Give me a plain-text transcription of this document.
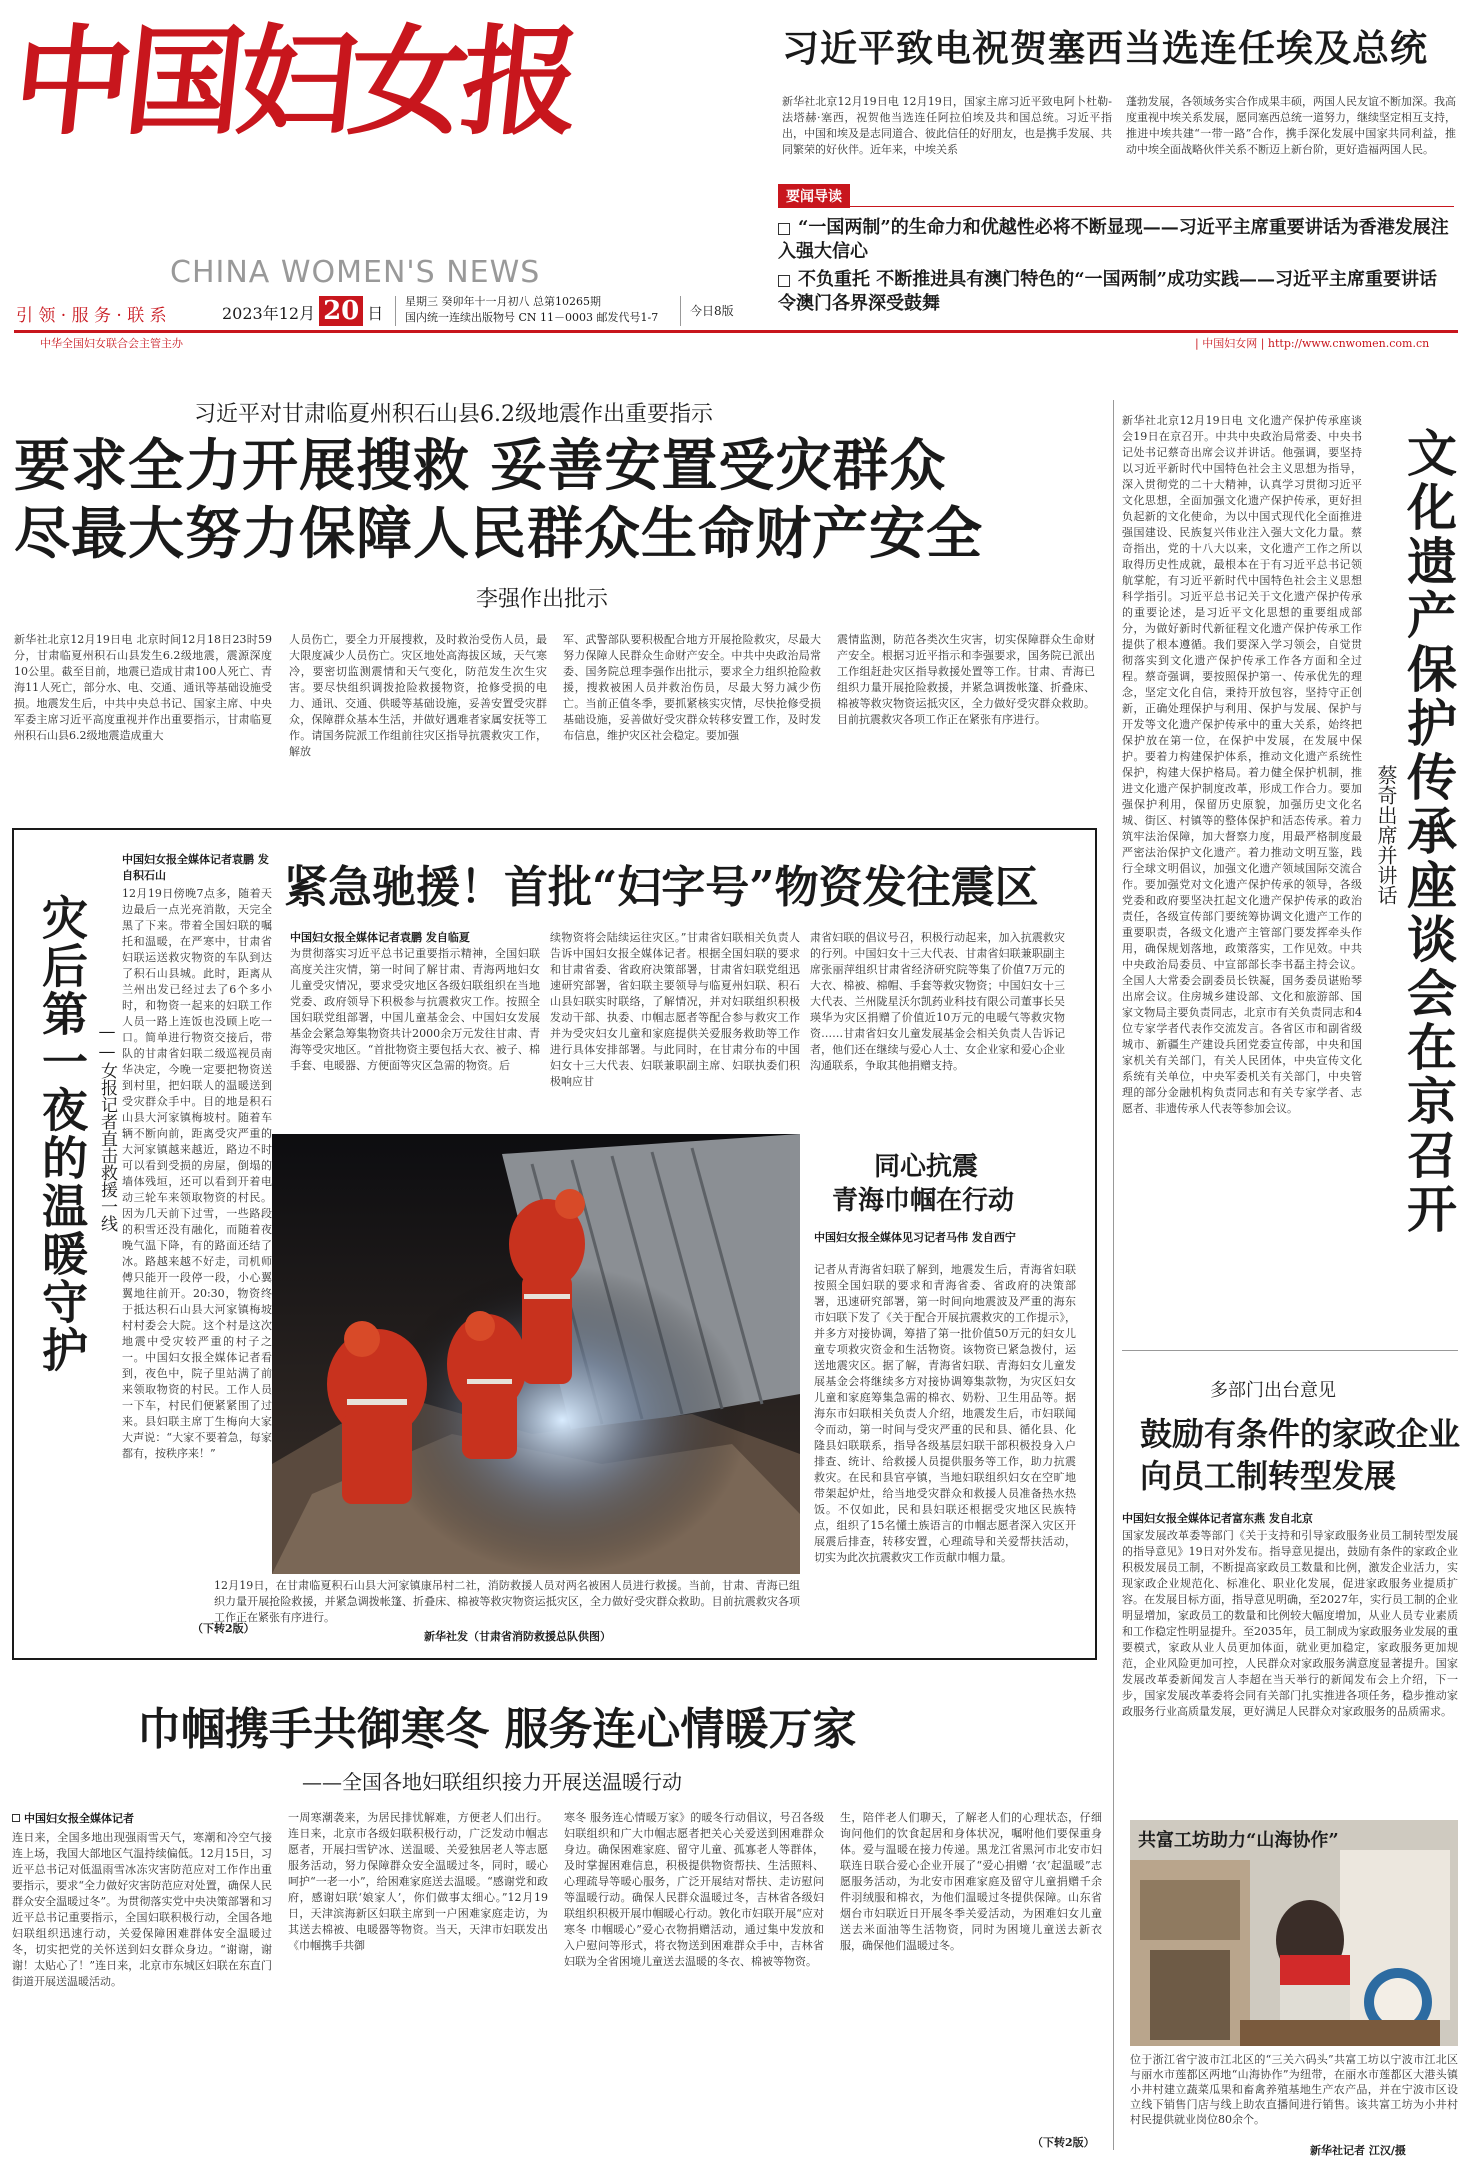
中国妇女报
CHINA WOMEN'S NEWS
引 领 · 服 务 · 联 系	2023年12月 20 日
星期三 癸卯年十一月初八 总第10265期
国内统一连续出版物号 CN 11－0003 邮发代号1-7	今日8版
中华全国妇女联合会主管主办	| 中国妇女网 | http://www.cnwomen.com.cn
习近平致电祝贺塞西当选连任埃及总统
新华社北京12月19日电 12月19日，国家主席习近平致电阿卜杜勒-法塔赫·塞西，祝贺他当选连任阿拉伯埃及共和国总统。习近平指出，中国和埃及是志同道合、彼此信任的好朋友，也是携手发展、共同繁荣的好伙伴。近年来，中埃关系
蓬勃发展，各领域务实合作成果丰硕，两国人民友谊不断加深。我高度重视中埃关系发展，愿同塞西总统一道努力，继续坚定相互支持，推进中埃共建“一带一路”合作，携手深化发展中国家共同利益，推动中埃全面战略伙伴关系不断迈上新台阶，更好造福两国人民。
要闻导读
“一国两制”的生命力和优越性必将不断显现——习近平主席重要讲话为香港发展注入强大信心
不负重托 不断推进具有澳门特色的“一国两制”成功实践——习近平主席重要讲话令澳门各界深受鼓舞
习近平对甘肃临夏州积石山县6.2级地震作出重要指示
要求全力开展搜救 妥善安置受灾群众
尽最大努力保障人民群众生命财产安全
李强作出批示
新华社北京12月19日电 北京时间12月18日23时59分，甘肃临夏州积石山县发生6.2级地震，震源深度10公里。截至目前，地震已造成甘肃100人死亡、青海11人死亡，部分水、电、交通、通讯等基础设施受损。地震发生后，中共中央总书记、国家主席、中央军委主席习近平高度重视并作出重要指示，甘肃临夏州积石山县6.2级地震造成重大
人员伤亡，要全力开展搜救，及时救治受伤人员，最大限度减少人员伤亡。灾区地处高海拔区域，天气寒冷，要密切监测震情和天气变化，防范发生次生灾害。要尽快组织调拨抢险救援物资，抢修受损的电力、通讯、交通、供暖等基础设施，妥善安置受灾群众，保障群众基本生活，并做好遇难者家属安抚等工作。请国务院派工作组前往灾区指导抗震救灾工作，解放
军、武警部队要积极配合地方开展抢险救灾，尽最大努力保障人民群众生命财产安全。中共中央政治局常委、国务院总理李强作出批示，要求全力组织抢险救援，搜救被困人员并救治伤员，尽最大努力减少伤亡。当前正值冬季，要抓紧核实灾情，尽快抢修受损基础设施，妥善做好受灾群众转移安置工作，及时发布信息，维护灾区社会稳定。要加强
震情监测，防范各类次生灾害，切实保障群众生命财产安全。根据习近平指示和李强要求，国务院已派出工作组赶赴灾区指导救援处置等工作。甘肃、青海已组织力量开展抢险救援，并紧急调拨帐篷、折叠床、棉被等救灾物资运抵灾区，全力做好受灾群众救助。目前抗震救灾各项工作正在紧张有序进行。
灾后第一夜的温暖守护 ——女报记者直击救援一线
中国妇女报全媒体记者袁鹏 发自积石山
12月19日傍晚7点多，随着天边最后一点光亮消散，天完全黑了下来。带着全国妇联的嘱托和温暖，在严寒中，甘肃省妇联运送救灾物资的车队到达了积石山县城。此时，距离从兰州出发已经过去了6个多小时，和物资一起来的妇联工作人员一路上连饭也没顾上吃一口。简单进行物资交接后，带队的甘肃省妇联二级巡视员南华决定，今晚一定要把物资送到村里，把妇联人的温暖送到受灾群众手中。目的地是积石山县大河家镇梅坡村。随着车辆不断向前，距离受灾严重的大河家镇越来越近，路边不时可以看到受损的房屋，倒塌的墙体残垣，还可以看到开着电动三轮车来领取物资的村民。因为几天前下过雪，一些路段的积雪还没有融化，而随着夜晚气温下降，有的路面还结了冰。路越来越不好走，司机师傅只能开一段停一段，小心翼翼地往前开。20:30，物资终于抵达积石山县大河家镇梅坡村村委会大院。这个村是这次地震中受灾较严重的村子之一。中国妇女报全媒体记者看到，夜色中，院子里站满了前来领取物资的村民。工作人员一下车，村民们便紧紧围了过来。县妇联主席丁生梅向大家大声说：“大家不要着急，每家都有，按秩序来！”
（下转2版）
紧急驰援！首批“妇字号”物资发往震区
中国妇女报全媒体记者袁鹏 发自临夏
为贯彻落实习近平总书记重要指示精神，全国妇联高度关注灾情，第一时间了解甘肃、青海两地妇女儿童受灾情况，要求受灾地区各级妇联组织在当地党委、政府领导下积极参与抗震救灾工作。按照全国妇联党组部署，中国儿童基金会、中国妇女发展基金会紧急筹集物资共计2000余万元发往甘肃、青海等受灾地区。“首批物资主要包括大衣、被子、棉手套、电暖器、方便面等灾区急需的物资。后
续物资将会陆续运往灾区。”甘肃省妇联相关负责人告诉中国妇女报全媒体记者。根据全国妇联的要求和甘肃省委、省政府决策部署，甘肃省妇联党组迅速研究部署，省妇联主要领导与临夏州妇联、积石山县妇联实时联络，了解情况，并对妇联组织积极发动干部、执委、巾帼志愿者等配合参与救灾工作并为受灾妇女儿童和家庭提供关爱服务救助等工作进行具体安排部署。与此同时，在甘肃分布的中国妇女十三大代表、妇联兼职副主席、妇联执委们积极响应甘
肃省妇联的倡议号召，积极行动起来，加入抗震救灾的行列。中国妇女十三大代表、甘肃省妇联兼职副主席张丽萍组织甘肃省经济研究院等集了价值7万元的大衣、棉被、棉帽、手套等救灾物资；中国妇女十三大代表、兰州陇星沃尔凯药业科技有限公司董事长吴瑛华为灾区捐赠了价值近10万元的电暖气等救灾物资……甘肃省妇女儿童发展基金会相关负责人告诉记者，他们还在继续与爱心人士、女企业家和爱心企业沟通联系，争取其他捐赠支持。
12月19日，在甘肃临夏积石山县大河家镇康吊村二社，消防救援人员对两名被困人员进行救援。当前，甘肃、青海已组织力量开展抢险救援，并紧急调拨帐篷、折叠床、棉被等救灾物资运抵灾区，全力做好受灾群众救助。目前抗震救灾各项工作正在紧张有序进行。
新华社发（甘肃省消防救援总队供图）
同心抗震
青海巾帼在行动
中国妇女报全媒体见习记者马伟 发自西宁
记者从青海省妇联了解到，地震发生后，青海省妇联按照全国妇联的要求和青海省委、省政府的决策部署，迅速研究部署，第一时间向地震波及严重的海东市妇联下发了《关于配合开展抗震救灾的工作提示》，并多方对接协调，筹措了第一批价值50万元的妇女儿童专项救灾资金和生活物资。该物资已紧急拨付，运送地震灾区。据了解，青海省妇联、青海妇女儿童发展基金会将继续多方对接协调筹集款物，为灾区妇女儿童和家庭筹集急需的棉衣、奶粉、卫生用品等。据海东市妇联相关负责人介绍，地震发生后，市妇联闻令而动，第一时间与受灾严重的民和县、循化县、化隆县妇联联系，指导各级基层妇联干部积极投身入户排查、统计、给救援人员提供服务等工作，助力抗震救灾。在民和县官亭镇，当地妇联组织妇女在空旷地带架起炉灶，给当地受灾群众和救援人员准备热水热饭。不仅如此，民和县妇联还根据受灾地区民族特点，组织了15名懂土族语言的巾帼志愿者深入灾区开展震后排查，转移安置，心理疏导和关爱帮扶活动，切实为此次抗震救灾工作贡献巾帼力量。
新华社北京12月19日电 文化遗产保护传承座谈会19日在京召开。中共中央政治局常委、中央书记处书记蔡奇出席会议并讲话。他强调，要坚持以习近平新时代中国特色社会主义思想为指导，深入贯彻党的二十大精神，认真学习贯彻习近平文化思想，全面加强文化遗产保护传承，更好担负起新的文化使命，为以中国式现代化全面推进强国建设、民族复兴伟业注入强大文化力量。蔡奇指出，党的十八大以来，文化遗产工作之所以取得历史性成就，最根本在于有习近平总书记领航掌舵，有习近平新时代中国特色社会主义思想科学指引。习近平总书记关于文化遗产保护传承的重要论述，是习近平文化思想的重要组成部分，为做好新时代新征程文化遗产保护传承工作提供了根本遵循。我们要深入学习领会，自觉贯彻落实到文化遗产保护传承工作各方面和全过程。蔡奇强调，要按照保护第一、传承优先的理念，坚定文化自信，秉持开放包容，坚持守正创新，正确处理保护与利用、保护与发展、保护与开发等文化遗产保护传承中的重大关系，始终把保护放在第一位，在保护中发展，在发展中保护。要着力构建保护体系，推动文化遗产系统性保护，构建大保护格局。着力健全保护机制，推进文化遗产保护制度改革，形成工作合力。要加强保护利用，保留历史原貌，加强历史文化名城、街区、村镇等的整体保护和活态传承。着力筑牢法治保障，加大督察力度，用最严格制度最严密法治保护文化遗产。着力推动文明互鉴，践行全球文明倡议，加强文化遗产领域国际交流合作。要加强党对文化遗产保护传承的领导，各级党委和政府要坚决扛起文化遗产保护传承的政治责任，各级宣传部门要统筹协调文化遗产工作的重要职责，各级文化遗产主管部门要发挥牵头作用，确保规划落地，政策落实，工作见效。中共中央政治局委员、中宣部部长李书磊主持会议。全国人大常委会副委员长铁凝，国务委员谌贻琴出席会议。住房城乡建设部、文化和旅游部、国家文物局主要负责同志，北京市有关负责同志和4位专家学者代表作交流发言。各省区市和副省级城市、新疆生产建设兵团党委宣传部，中央和国家机关有关部门，有关人民团体，中央宣传文化系统有关单位，中央军委机关有关部门，中央管理的部分金融机构负责同志和有关专家学者、志愿者、非遗传承人代表等参加会议。	文化遗产保护传承座谈会在京召开
蔡奇出席并讲话
多部门出台意见
鼓励有条件的家政企业
向员工制转型发展
中国妇女报全媒体记者富东燕 发自北京
国家发展改革委等部门《关于支持和引导家政服务业员工制转型发展的指导意见》19日对外发布。指导意见提出，鼓励有条件的家政企业积极发展员工制，不断提高家政员工数量和比例，激发企业活力，实现家政企业规范化、标准化、职业化发展，促进家政服务业提质扩容。在发展目标方面，指导意见明确，至2027年，实行员工制的企业明显增加，家政员工的数量和比例较大幅度增加，从业人员专业素质和工作稳定性明显提升。至2035年，员工制成为家政服务业发展的重要模式，家政从业人员更加体面，就业更加稳定，家政服务更加规范，企业风险更加可控，人民群众对家政服务满意度显著提升。国家发展改革委新闻发言人李超在当天举行的新闻发布会上介绍，下一步，国家发展改革委将会同有关部门扎实推进各项任务，稳步推动家政服务行业高质量发展，更好满足人民群众对家政服务的品质需求。
巾帼携手共御寒冬 服务连心情暖万家
——全国各地妇联组织接力开展送温暖行动
中国妇女报全媒体记者
连日来，全国多地出现强雨雪天气，寒潮和冷空气接连上场，我国大部地区气温持续偏低。12月15日，习近平总书记对低温雨雪冰冻灾害防范应对工作作出重要指示，要求“全力做好灾害防范应对处置，确保人民群众安全温暖过冬”。为贯彻落实党中央决策部署和习近平总书记重要指示，全国妇联积极行动，全国各地妇联组织迅速行动，关爱保障困难群体安全温暖过冬，切实把党的关怀送到妇女群众身边。“谢谢，谢谢！太贴心了！”连日来，北京市东城区妇联在东直门街道开展送温暖活动。
一周寒潮袭来，为居民排忧解难，方便老人们出行。连日来，北京市各级妇联积极行动，广泛发动巾帼志愿者，开展扫雪铲冰、送温暖、关爱独居老人等志愿服务活动，努力保障群众安全温暖过冬，同时，暖心呵护“一老一小”，给困难家庭送去温暖。“感谢党和政府，感谢妇联‘娘家人’，你们做事太细心。”12月19日，天津滨海新区妇联主席到一户困难家庭走访，为其送去棉被、电暖器等物资。当天，天津市妇联发出《巾帼携手共御
寒冬 服务连心情暖万家》的暖冬行动倡议，号召各级妇联组织和广大巾帼志愿者把关心关爱送到困难群众身边。确保困难家庭、留守儿童、孤寡老人等群体，及时掌握困难信息，积极提供物资帮扶、生活照料、心理疏导等暖心服务，广泛开展结对帮扶、走访慰问等温暖行动。确保人民群众温暖过冬，吉林省各级妇联组织积极开展巾帼暖心行动。敦化市妇联开展“应对寒冬 巾帼暖心”爱心衣物捐赠活动，通过集中发放和入户慰问等形式，将衣物送到困难群众手中，吉林省妇联为全省困境儿童送去温暖的冬衣、棉被等物资。
生，陪伴老人们聊天，了解老人们的心理状态，仔细询问他们的饮食起居和身体状况，嘱咐他们要保重身体。爱与温暖在接力传递。黑龙江省黑河市北安市妇联连日联合爱心企业开展了“爱心捐赠 ‘衣’起温暖”志愿服务活动，为北安市困难家庭及留守儿童捐赠千余件羽绒服和棉衣，为他们温暖过冬提供保障。山东省烟台市妇联近日开展冬季关爱活动，为困难妇女儿童送去米面油等生活物资，同时为困境儿童送去新衣服，确保他们温暖过冬。
（下转2版）
共富工坊助力“山海协作”
位于浙江省宁波市江北区的“三关六码头”共富工坊以宁波市江北区与丽水市莲都区两地“山海协作”为纽带，在丽水市莲都区大港头镇小井村建立蔬菜瓜果和畜禽养殖基地生产农产品，并在宁波市区设立线下销售门店与线上助农直播间进行销售。该共富工坊为小井村村民提供就业岗位80余个。
新华社记者 江汉/摄
